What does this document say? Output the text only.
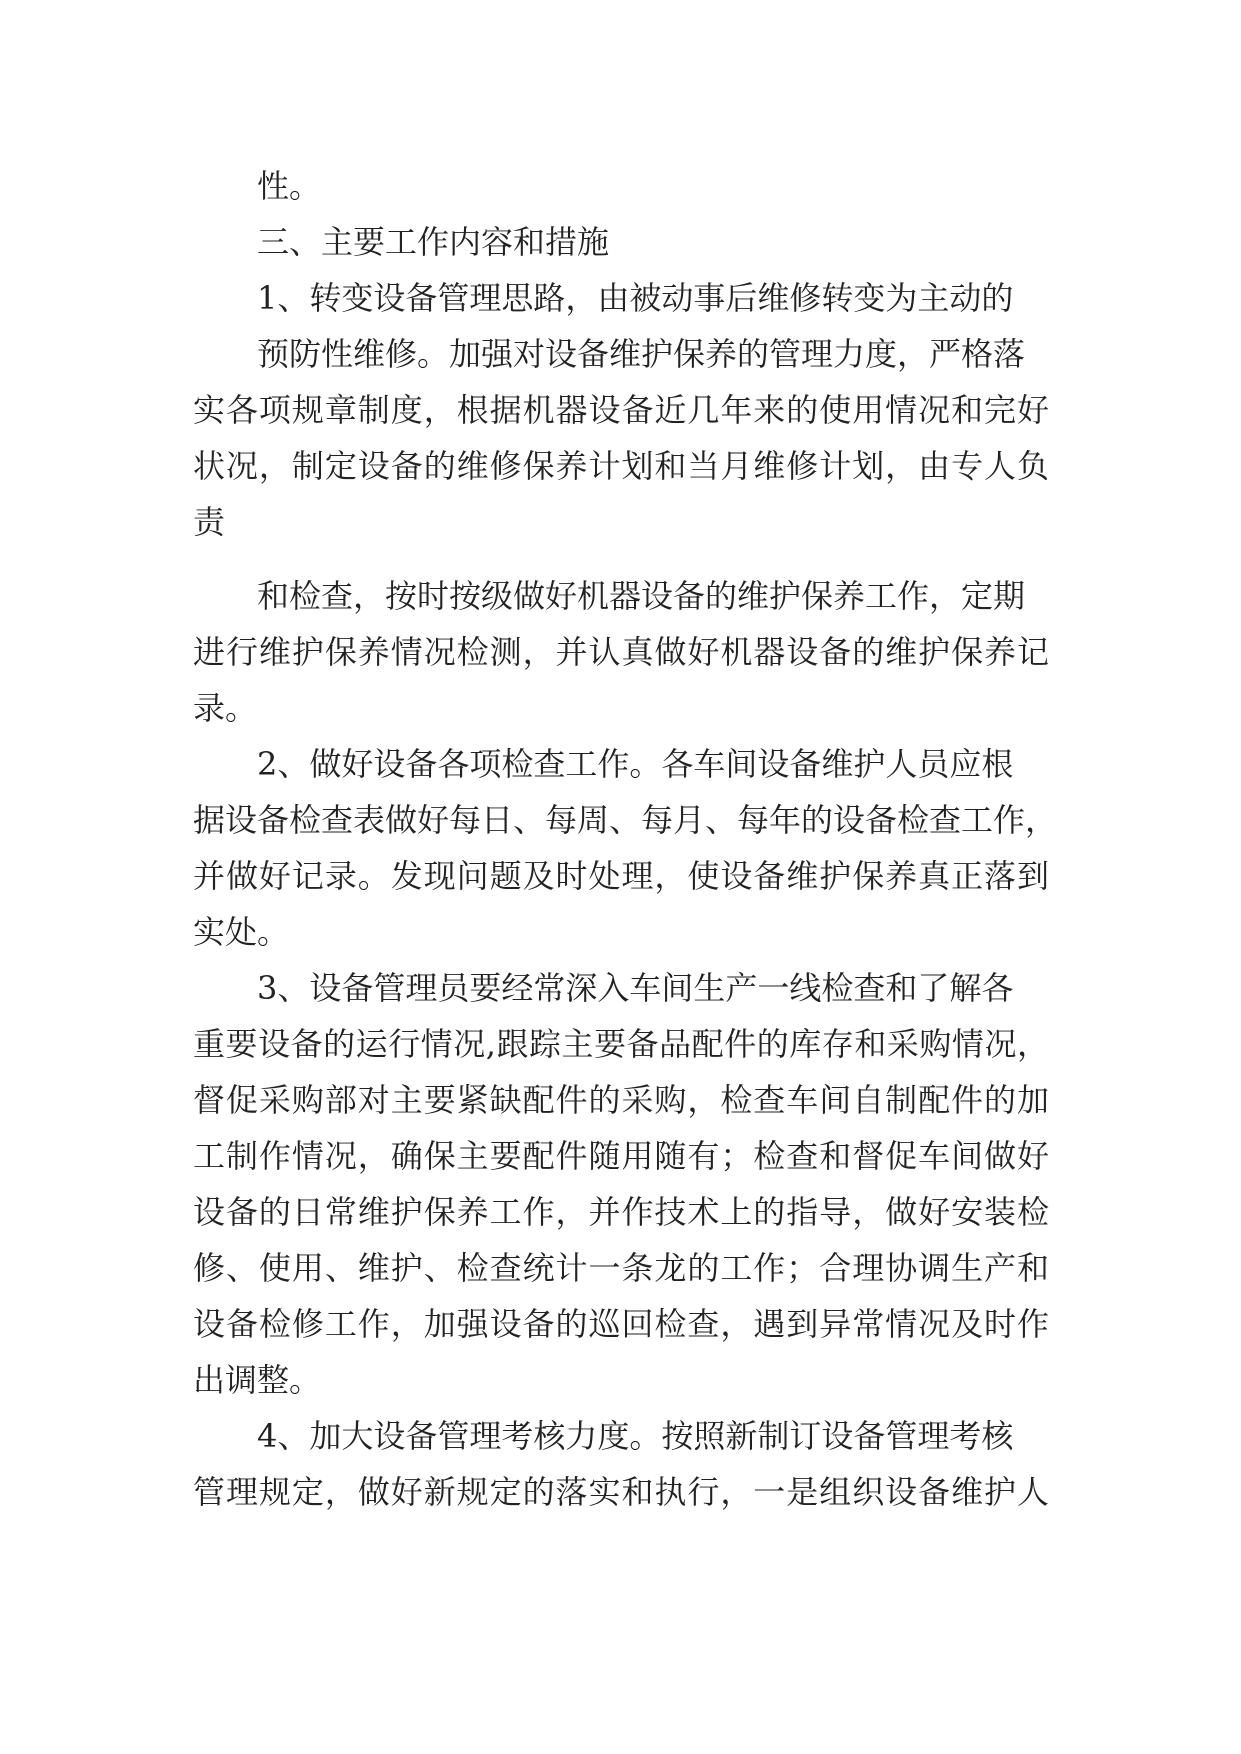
性。
三、主要工作内容和措施
1、转变设备管理思路，由被动事后维修转变为主动的
预防性维修。加强对设备维护保养的管理力度，严格落
实各项规章制度，根据机器设备近几年来的使用情况和完好
状况，制定设备的维修保养计划和当月维修计划，由专人负
责
和检查，按时按级做好机器设备的维护保养工作，定期
进行维护保养情况检测，并认真做好机器设备的维护保养记
录。
2、做好设备各项检查工作。各车间设备维护人员应根
据设备检查表做好每日、每周、每月、每年的设备检查工作，
并做好记录。发现问题及时处理，使设备维护保养真正落到
实处。
3、设备管理员要经常深入车间生产一线检查和了解各
重要设备的运行情况,跟踪主要备品配件的库存和采购情况，
督促采购部对主要紧缺配件的采购，检查车间自制配件的加
工制作情况，确保主要配件随用随有；检查和督促车间做好
设备的日常维护保养工作，并作技术上的指导，做好安装检
修、使用、维护、检查统计一条龙的工作；合理协调生产和
设备检修工作，加强设备的巡回检查，遇到异常情况及时作
出调整。
4、加大设备管理考核力度。按照新制订设备管理考核
管理规定，做好新规定的落实和执行，一是组织设备维护人
